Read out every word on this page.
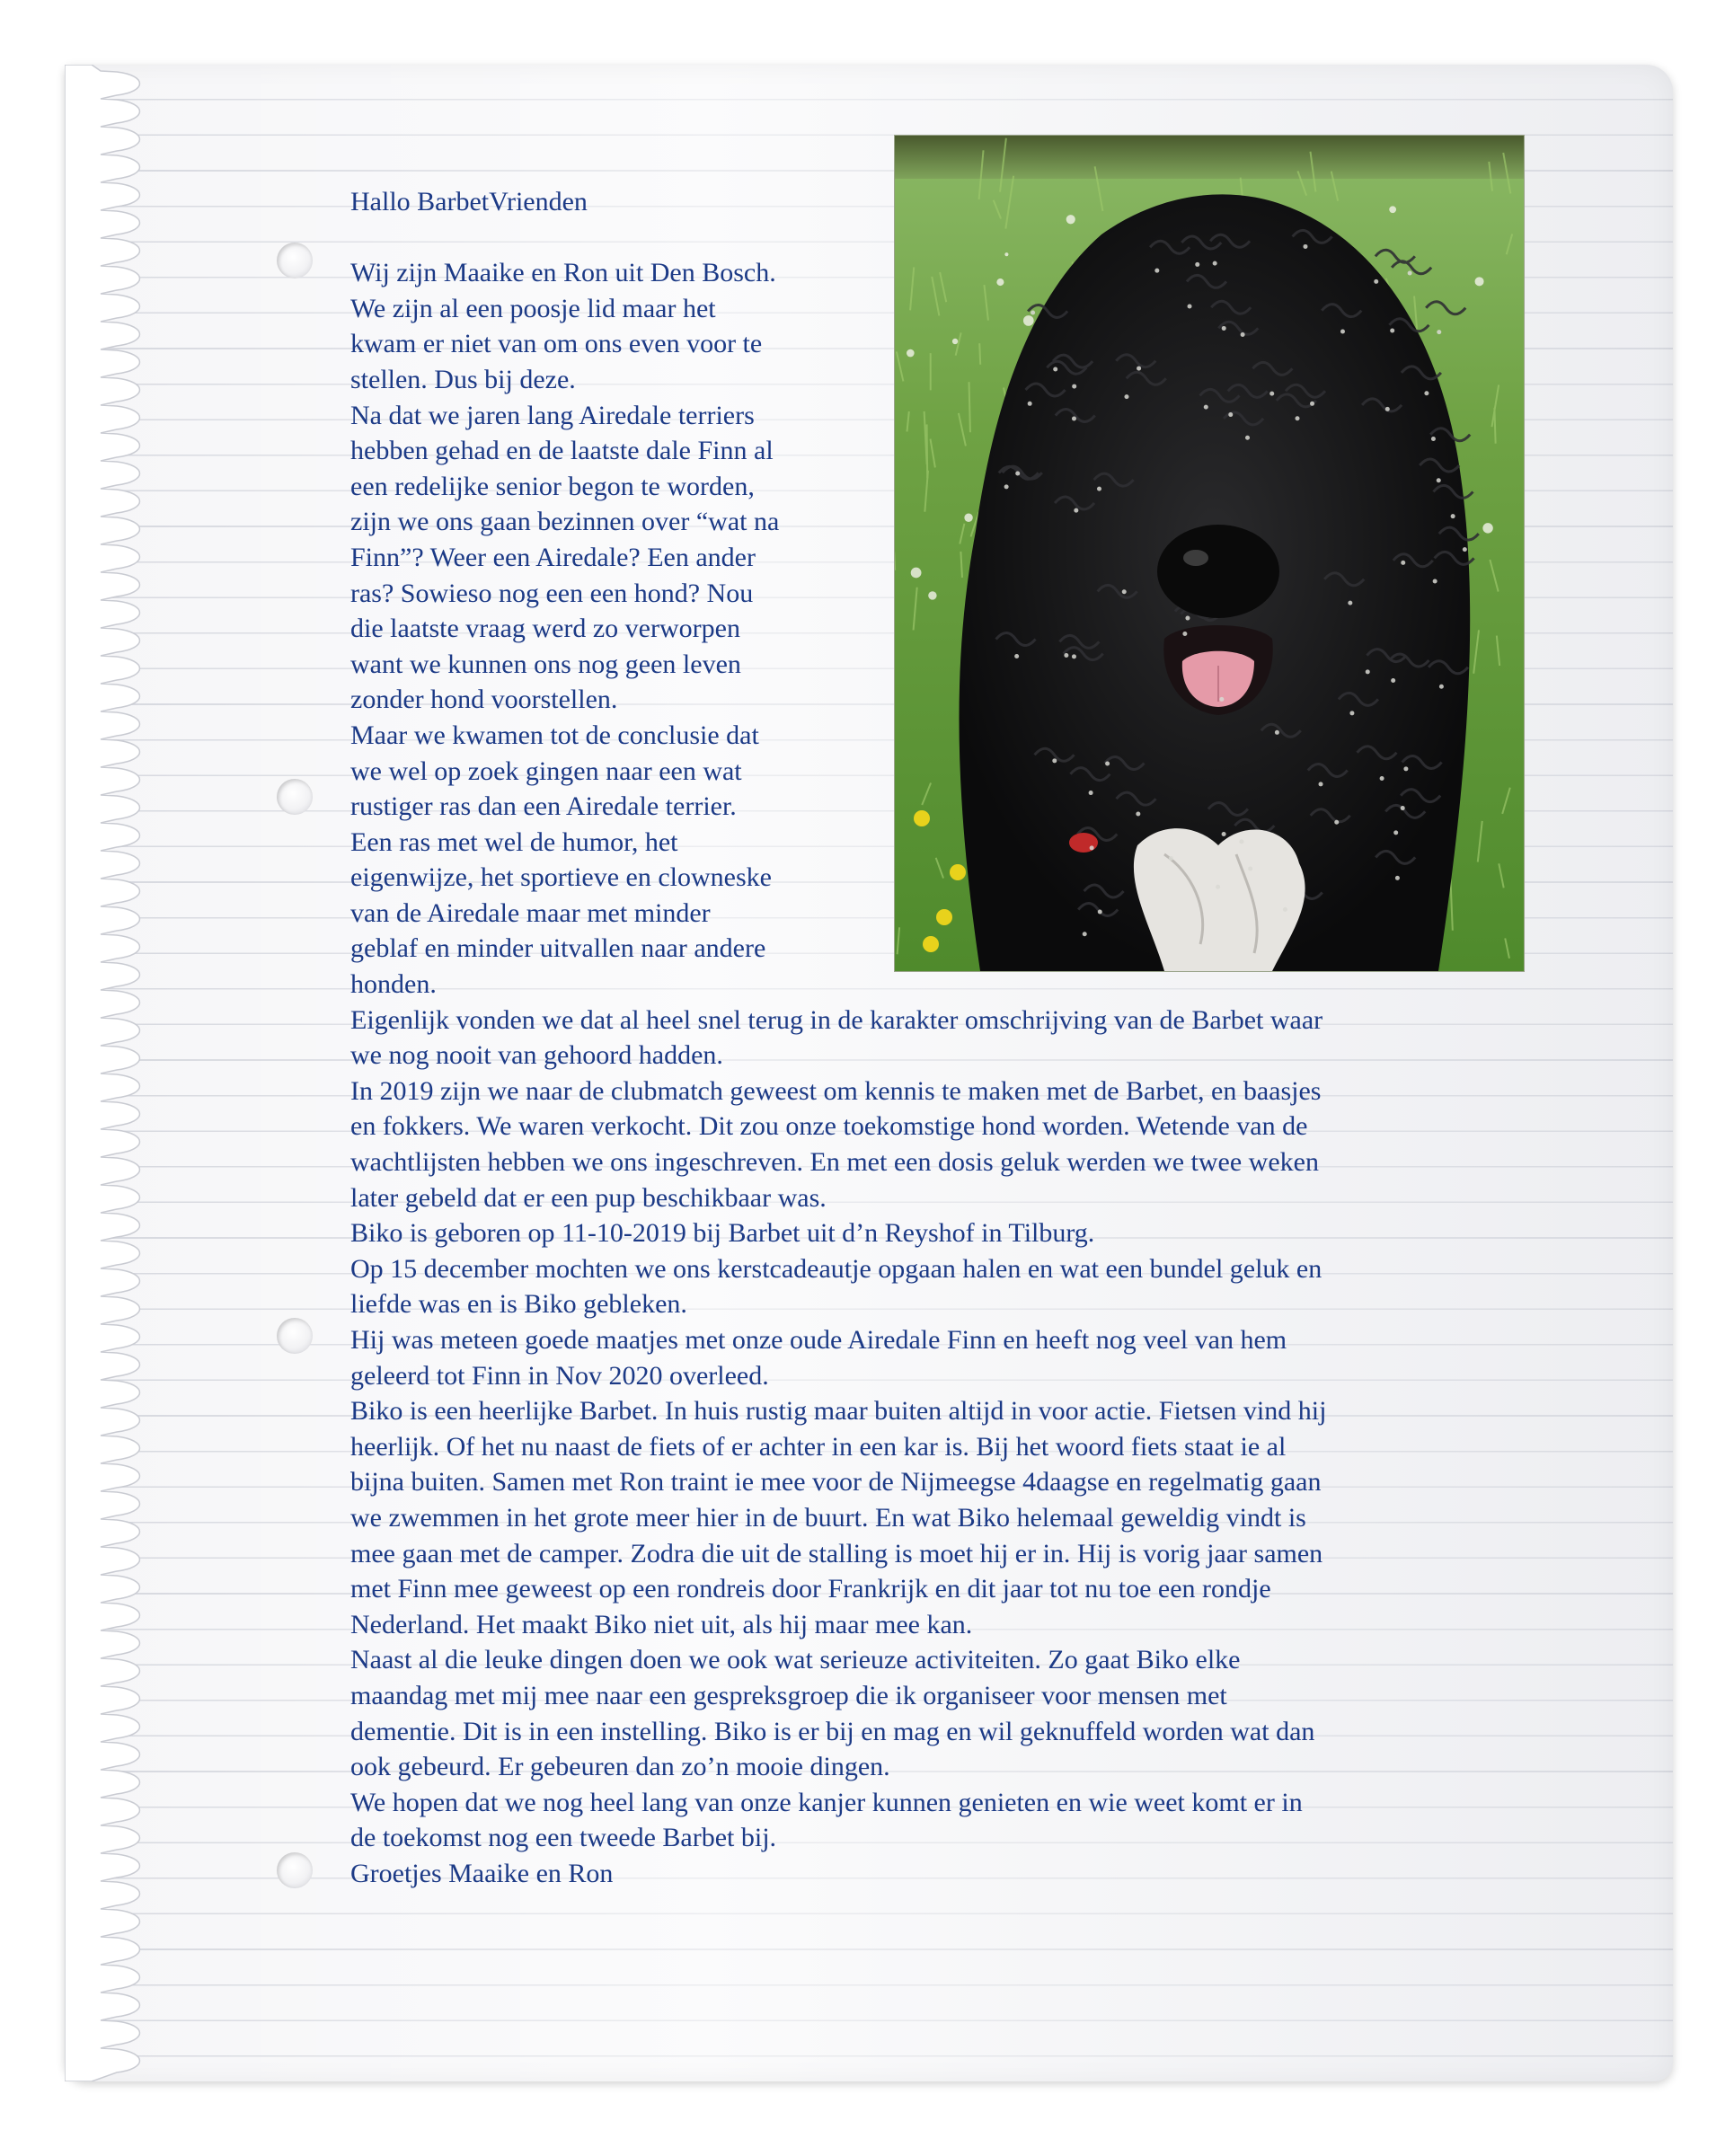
Hallo BarbetVrienden
Wij zijn Maaike en Ron uit Den Bosch.
We zijn al een poosje lid maar het
kwam er niet van om ons even voor te
stellen. Dus bij deze.
Na dat we jaren lang Airedale terriers
hebben gehad en de laatste dale Finn al
een redelijke senior begon te worden,
zijn we ons gaan bezinnen over “wat na
Finn”? Weer een Airedale? Een ander
ras? Sowieso nog een een hond? Nou
die laatste vraag werd zo verworpen
want we kunnen ons nog geen leven
zonder hond voorstellen.
Maar we kwamen tot de conclusie dat
we wel op zoek gingen naar een wat
rustiger ras dan een Airedale terrier.
Een ras met wel de humor, het
eigenwijze, het sportieve en clowneske
van de Airedale maar met minder
geblaf en minder uitvallen naar andere
honden.
Eigenlijk vonden we dat al heel snel terug in de karakter omschrijving van de Barbet waar
we nog nooit van gehoord hadden.
In 2019 zijn we naar de clubmatch geweest om kennis te maken met de Barbet, en baasjes
en fokkers. We waren verkocht. Dit zou onze toekomstige hond worden. Wetende van de
wachtlijsten hebben we ons ingeschreven. En met een dosis geluk werden we twee weken
later gebeld dat er een pup beschikbaar was.
Biko is geboren op 11-10-2019 bij Barbet uit d’n Reyshof in Tilburg.
Op 15 december mochten we ons kerstcadeautje opgaan halen en wat een bundel geluk en
liefde was en is Biko gebleken.
Hij was meteen goede maatjes met onze oude Airedale Finn en heeft nog veel van hem
geleerd tot Finn in Nov 2020 overleed.
Biko is een heerlijke Barbet. In huis rustig maar buiten altijd in voor actie. Fietsen vind hij
heerlijk. Of het nu naast de fiets of er achter in een kar is. Bij het woord fiets staat ie al
bijna buiten. Samen met Ron traint ie mee voor de Nijmeegse 4daagse en regelmatig gaan
we zwemmen in het grote meer hier in de buurt. En wat Biko helemaal geweldig vindt is
mee gaan met de camper. Zodra die uit de stalling is moet hij er in. Hij is vorig jaar samen
met Finn mee geweest op een rondreis door Frankrijk en dit jaar tot nu toe een rondje
Nederland. Het maakt Biko niet uit, als hij maar mee kan.
Naast al die leuke dingen doen we ook wat serieuze activiteiten. Zo gaat Biko elke
maandag met mij mee naar een gespreksgroep die ik organiseer voor mensen met
dementie. Dit is in een instelling. Biko is er bij en mag en wil geknuffeld worden wat dan
ook gebeurd. Er gebeuren dan zo’n mooie dingen.
We hopen dat we nog heel lang van onze kanjer kunnen genieten en wie weet komt er in
de toekomst nog een tweede Barbet bij.
Groetjes Maaike en Ron
